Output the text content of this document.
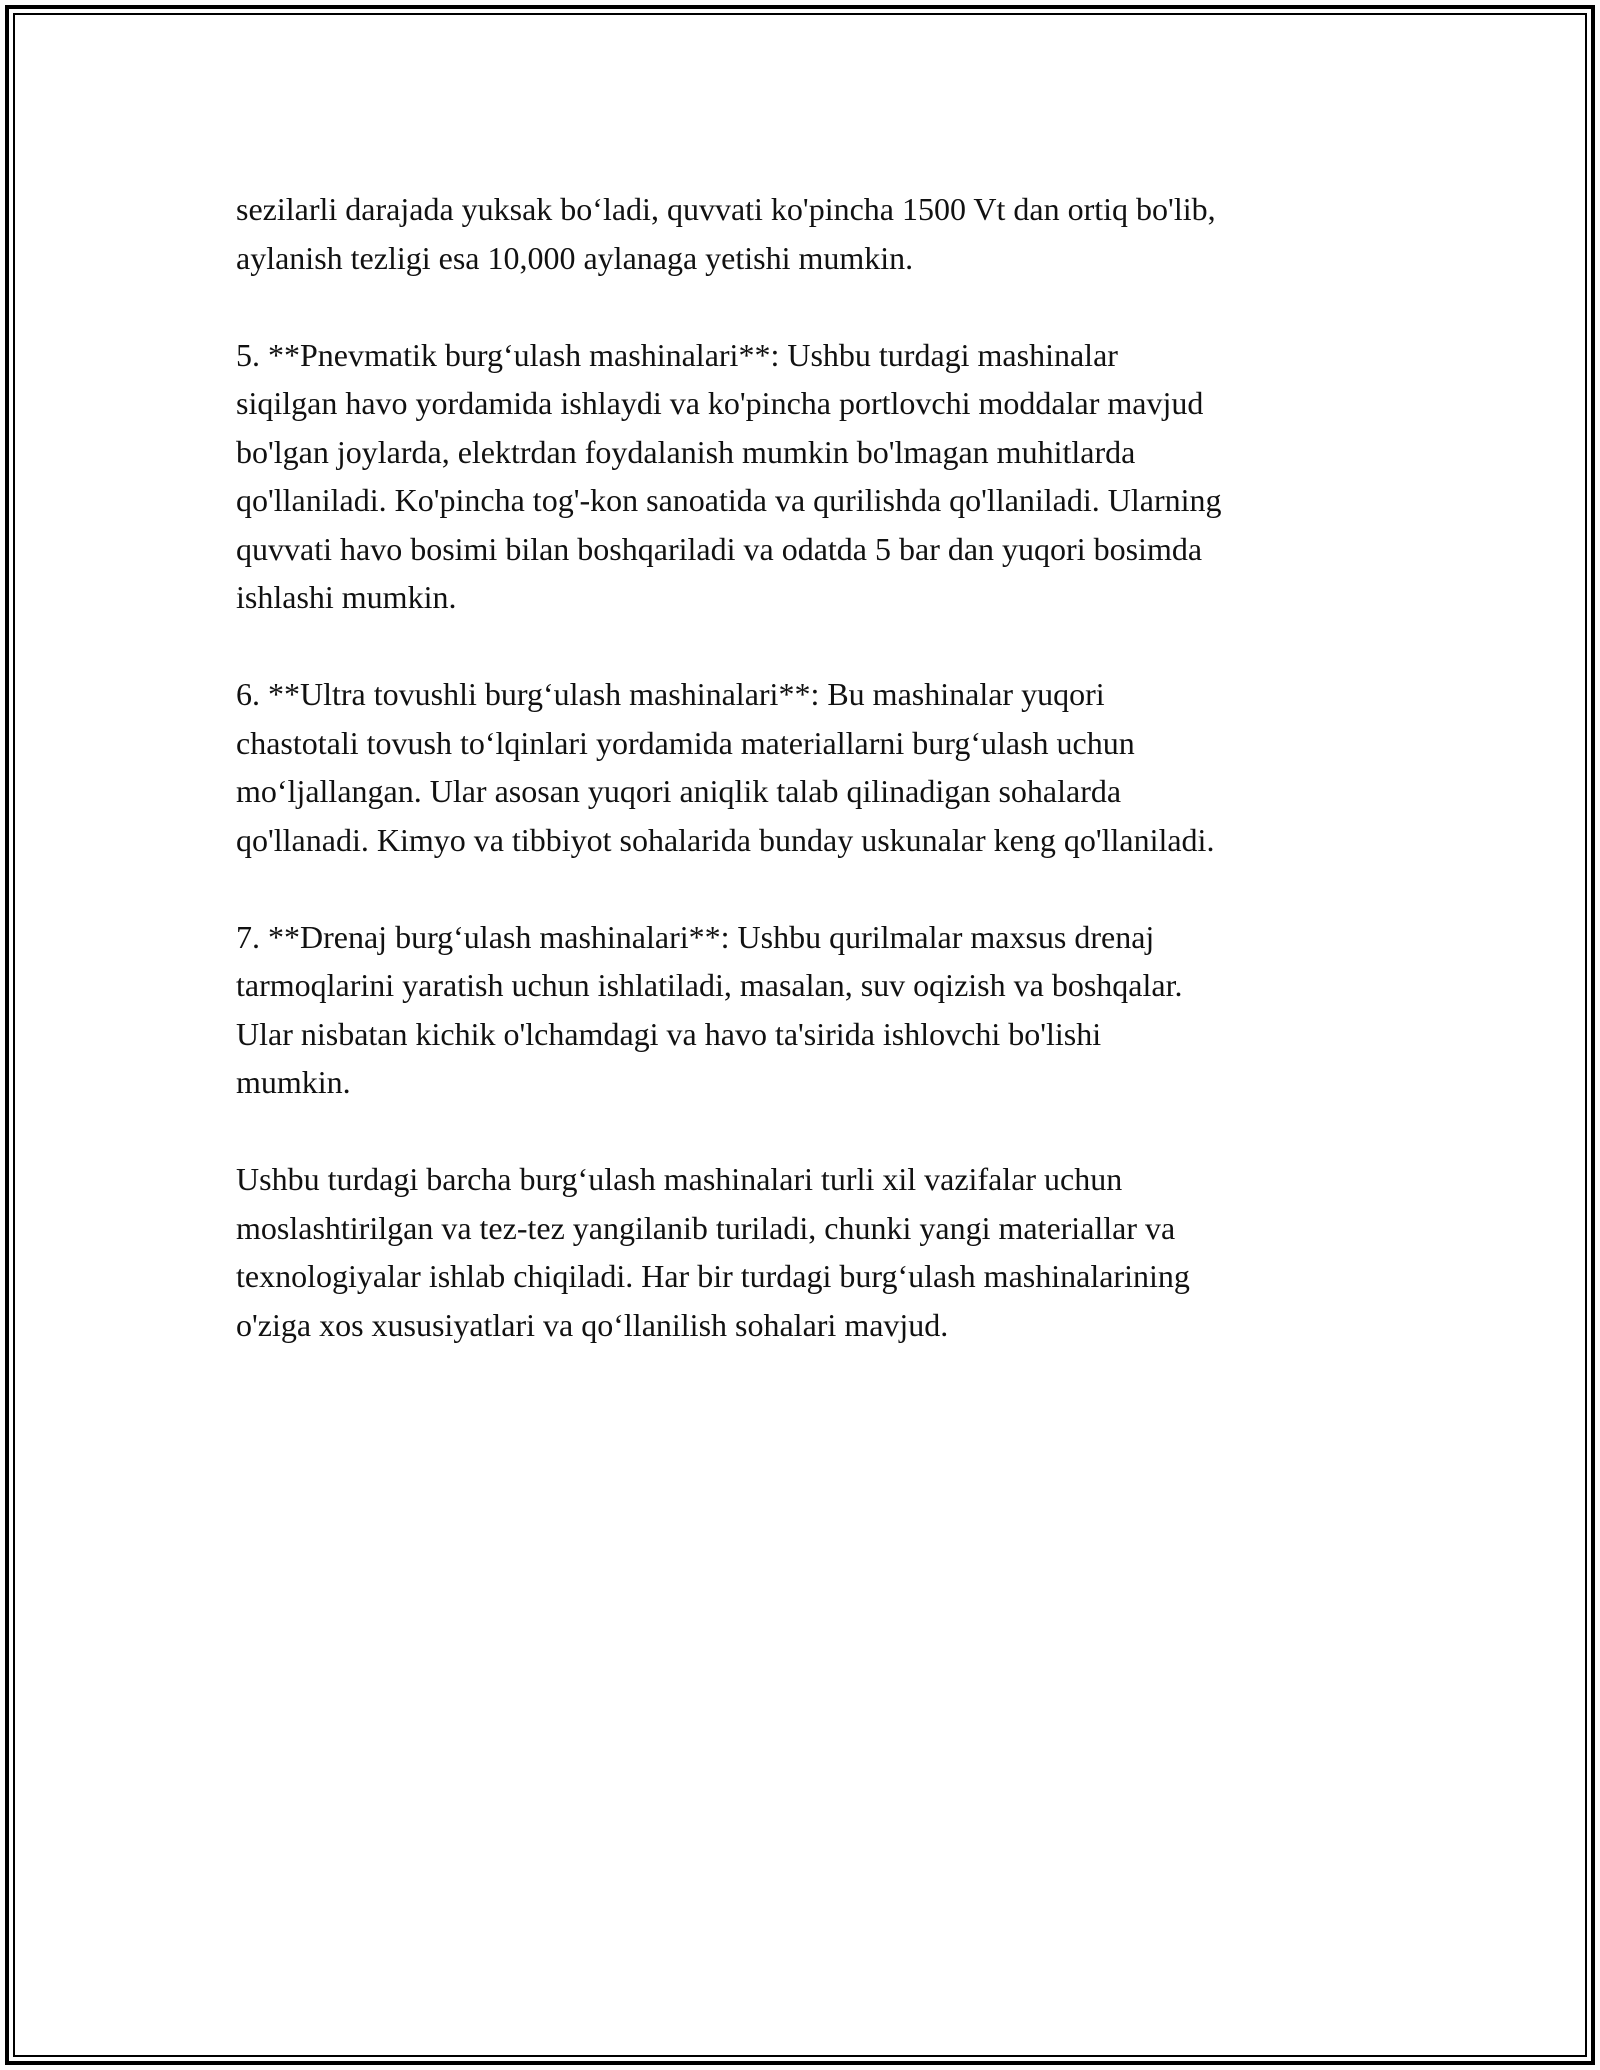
sezilarli darajada yuksak bo‘ladi, quvvati ko'pincha 1500 Vt dan ortiq bo'lib,
aylanish tezligi esa 10,000 aylanaga yetishi mumkin.

5. **Pnevmatik burg‘ulash mashinalari**: Ushbu turdagi mashinalar
siqilgan havo yordamida ishlaydi va ko'pincha portlovchi moddalar mavjud
bo'lgan joylarda, elektrdan foydalanish mumkin bo'lmagan muhitlarda
qo'llaniladi. Ko'pincha tog'-kon sanoatida va qurilishda qo'llaniladi. Ularning
quvvati havo bosimi bilan boshqariladi va odatda 5 bar dan yuqori bosimda
ishlashi mumkin.

6. **Ultra tovushli burg‘ulash mashinalari**: Bu mashinalar yuqori
chastotali tovush to‘lqinlari yordamida materiallarni burg‘ulash uchun
mo‘ljallangan. Ular asosan yuqori aniqlik talab qilinadigan sohalarda
qo'llanadi. Kimyo va tibbiyot sohalarida bunday uskunalar keng qo'llaniladi.

7. **Drenaj burg‘ulash mashinalari**: Ushbu qurilmalar maxsus drenaj
tarmoqlarini yaratish uchun ishlatiladi, masalan, suv oqizish va boshqalar.
Ular nisbatan kichik o'lchamdagi va havo ta'sirida ishlovchi bo'lishi
mumkin.

Ushbu turdagi barcha burg‘ulash mashinalari turli xil vazifalar uchun
moslashtirilgan va tez-tez yangilanib turiladi, chunki yangi materiallar va
texnologiyalar ishlab chiqiladi. Har bir turdagi burg‘ulash mashinalarining
o'ziga xos xususiyatlari va qo‘llanilish sohalari mavjud.
